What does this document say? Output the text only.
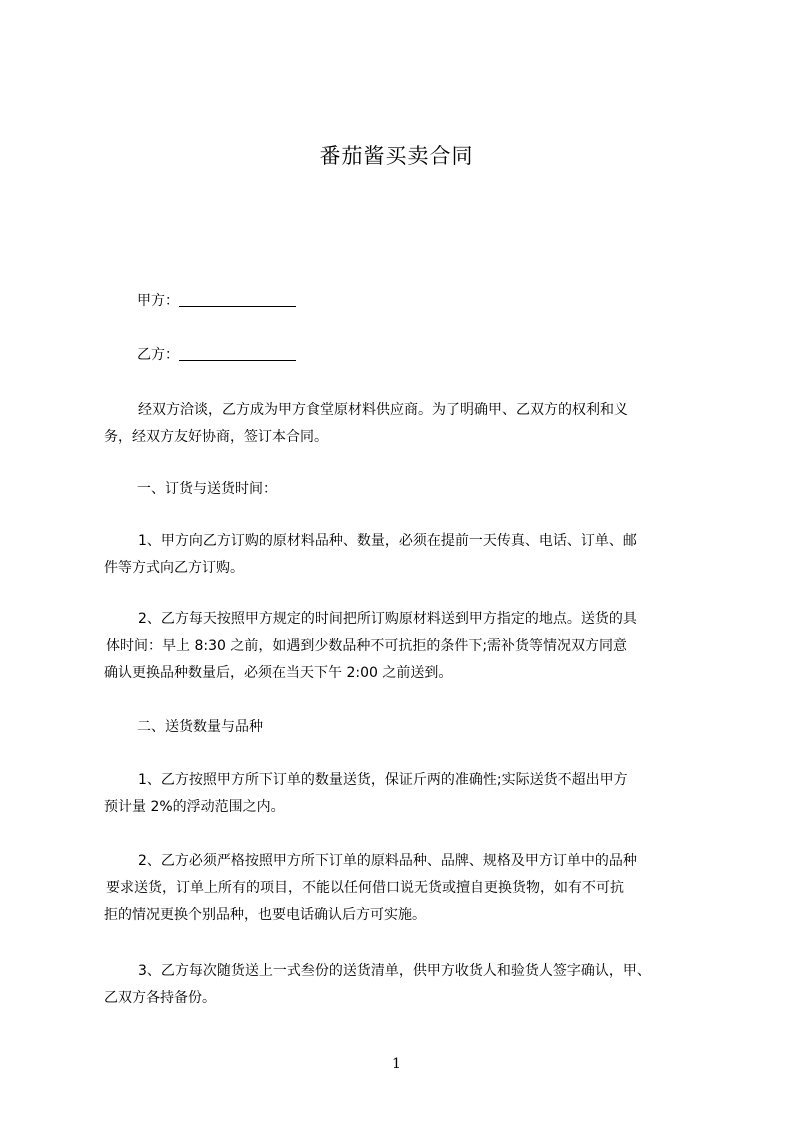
番茄酱买卖合同
甲方：
乙方：
经双方洽谈，乙方成为甲方食堂原材料供应商。为了明确甲、乙双方的权利和义
务，经双方友好协商，签订本合同。
一、订货与送货时间：
1、甲方向乙方订购的原材料品种、数量，必须在提前一天传真、电话、订单、邮
件等方式向乙方订购。
2、乙方每天按照甲方规定的时间把所订购原材料送到甲方指定的地点。送货的具
体时间：早上 8:30 之前，如遇到少数品种不可抗拒的条件下;需补货等情况双方同意
确认更换品种数量后，必须在当天下午 2:00 之前送到。
二、送货数量与品种
1、乙方按照甲方所下订单的数量送货，保证斤两的准确性;实际送货不超出甲方
预计量 2%的浮动范围之内。
2、乙方必须严格按照甲方所下订单的原料品种、品牌、规格及甲方订单中的品种
要求送货，订单上所有的项目，不能以任何借口说无货或擅自更换货物，如有不可抗
拒的情况更换个别品种，也要电话确认后方可实施。
3、乙方每次随货送上一式叁份的送货清单，供甲方收货人和验货人签字确认，甲、
乙双方各持备份。
1
